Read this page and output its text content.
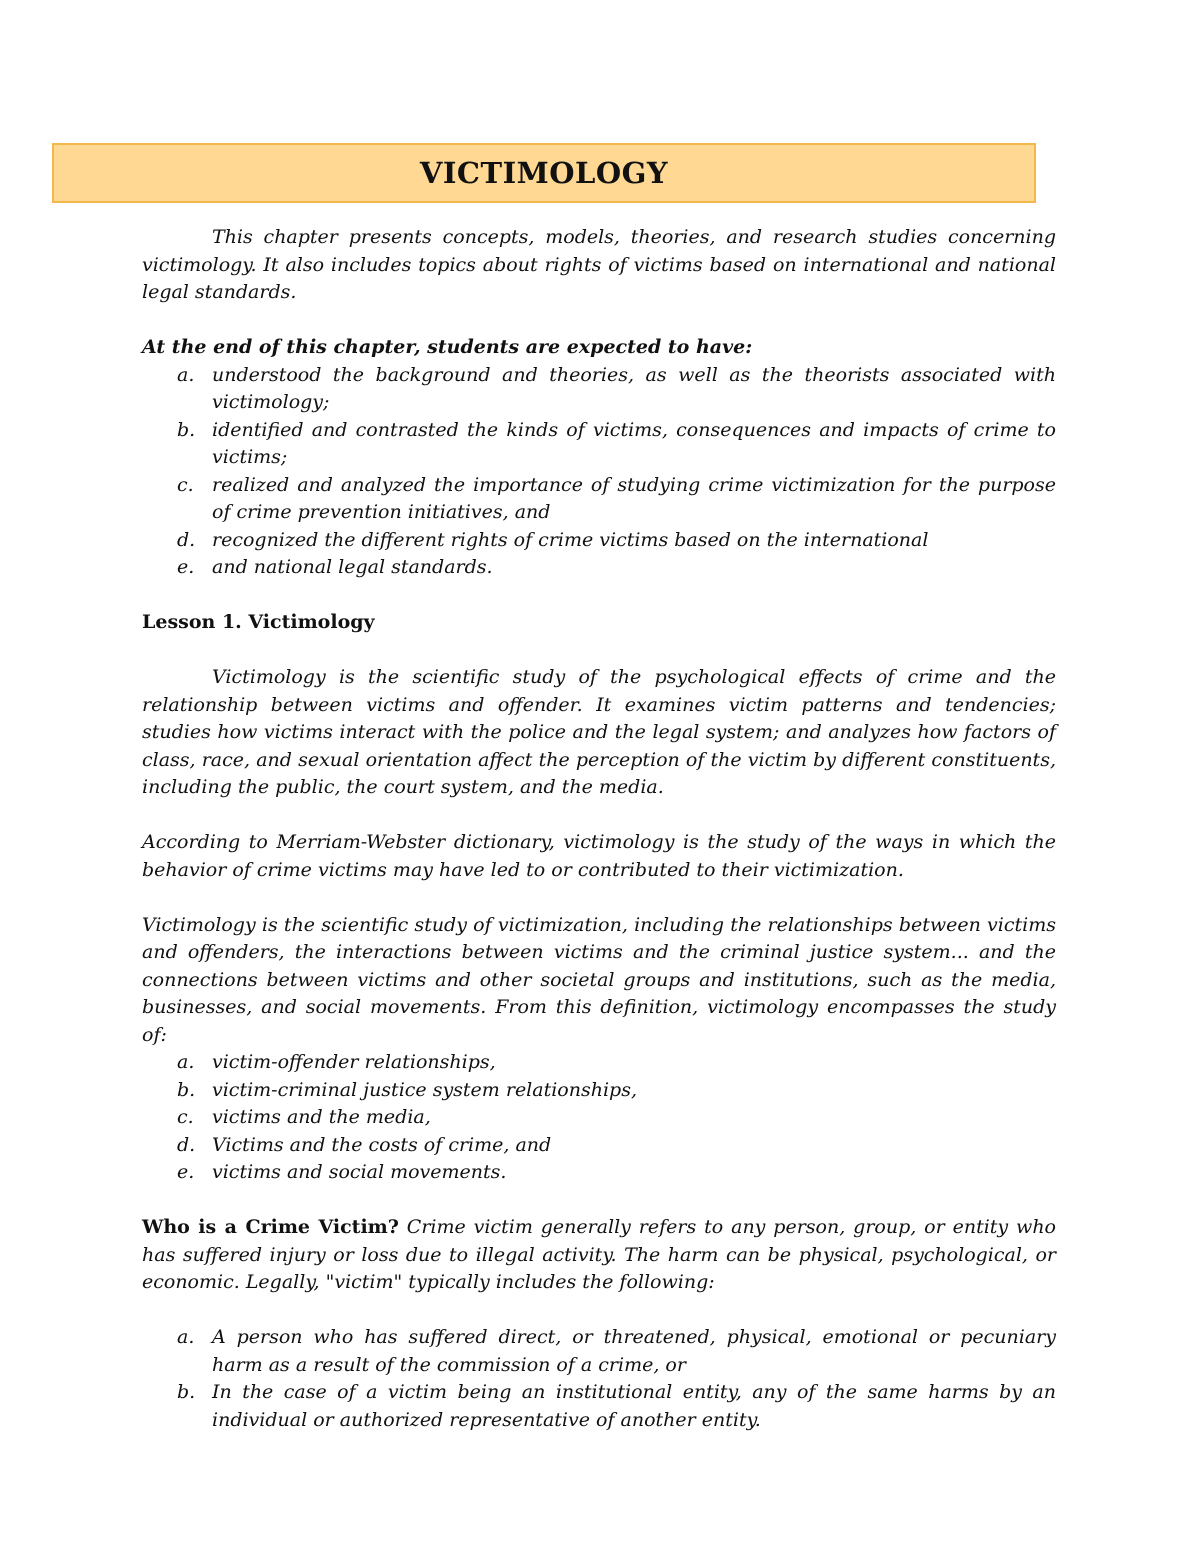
VICTIMOLOGY

This chapter presents concepts, models, theories, and research studies concerning victimology. It also includes topics about rights of victims based on international and national legal standards.

At the end of this chapter, students are expected to have:

a. understood the background and theories, as well as the theorists associated with victimology;
b. identified and contrasted the kinds of victims, consequences and impacts of crime to victims;
c. realized and analyzed the importance of studying crime victimization for the purpose of crime prevention initiatives, and
d. recognized the different rights of crime victims based on the international
e. and national legal standards.

Lesson 1. Victimology

Victimology is the scientific study of the psychological effects of crime and the relationship between victims and offender. It examines victim patterns and tendencies; studies how victims interact with the police and the legal system; and analyzes how factors of class, race, and sexual orientation affect the perception of the victim by different constituents, including the public, the court system, and the media.

According to Merriam-Webster dictionary, victimology is the study of the ways in which the behavior of crime victims may have led to or contributed to their victimization.

Victimology is the scientific study of victimization, including the relationships between victims and offenders, the interactions between victims and the criminal justice system... and the connections between victims and other societal groups and institutions, such as the media, businesses, and social movements. From this definition, victimology encompasses the study of:

a. victim-offender relationships,
b. victim-criminal justice system relationships,
c. victims and the media,
d. Victims and the costs of crime, and
e. victims and social movements.

Who is a Crime Victim? Crime victim generally refers to any person, group, or entity who has suffered injury or loss due to illegal activity. The harm can be physical, psychological, or economic. Legally, "victim" typically includes the following:

a. A person who has suffered direct, or threatened, physical, emotional or pecuniary harm as a result of the commission of a crime, or
b. In the case of a victim being an institutional entity, any of the same harms by an individual or authorized representative of another entity.
